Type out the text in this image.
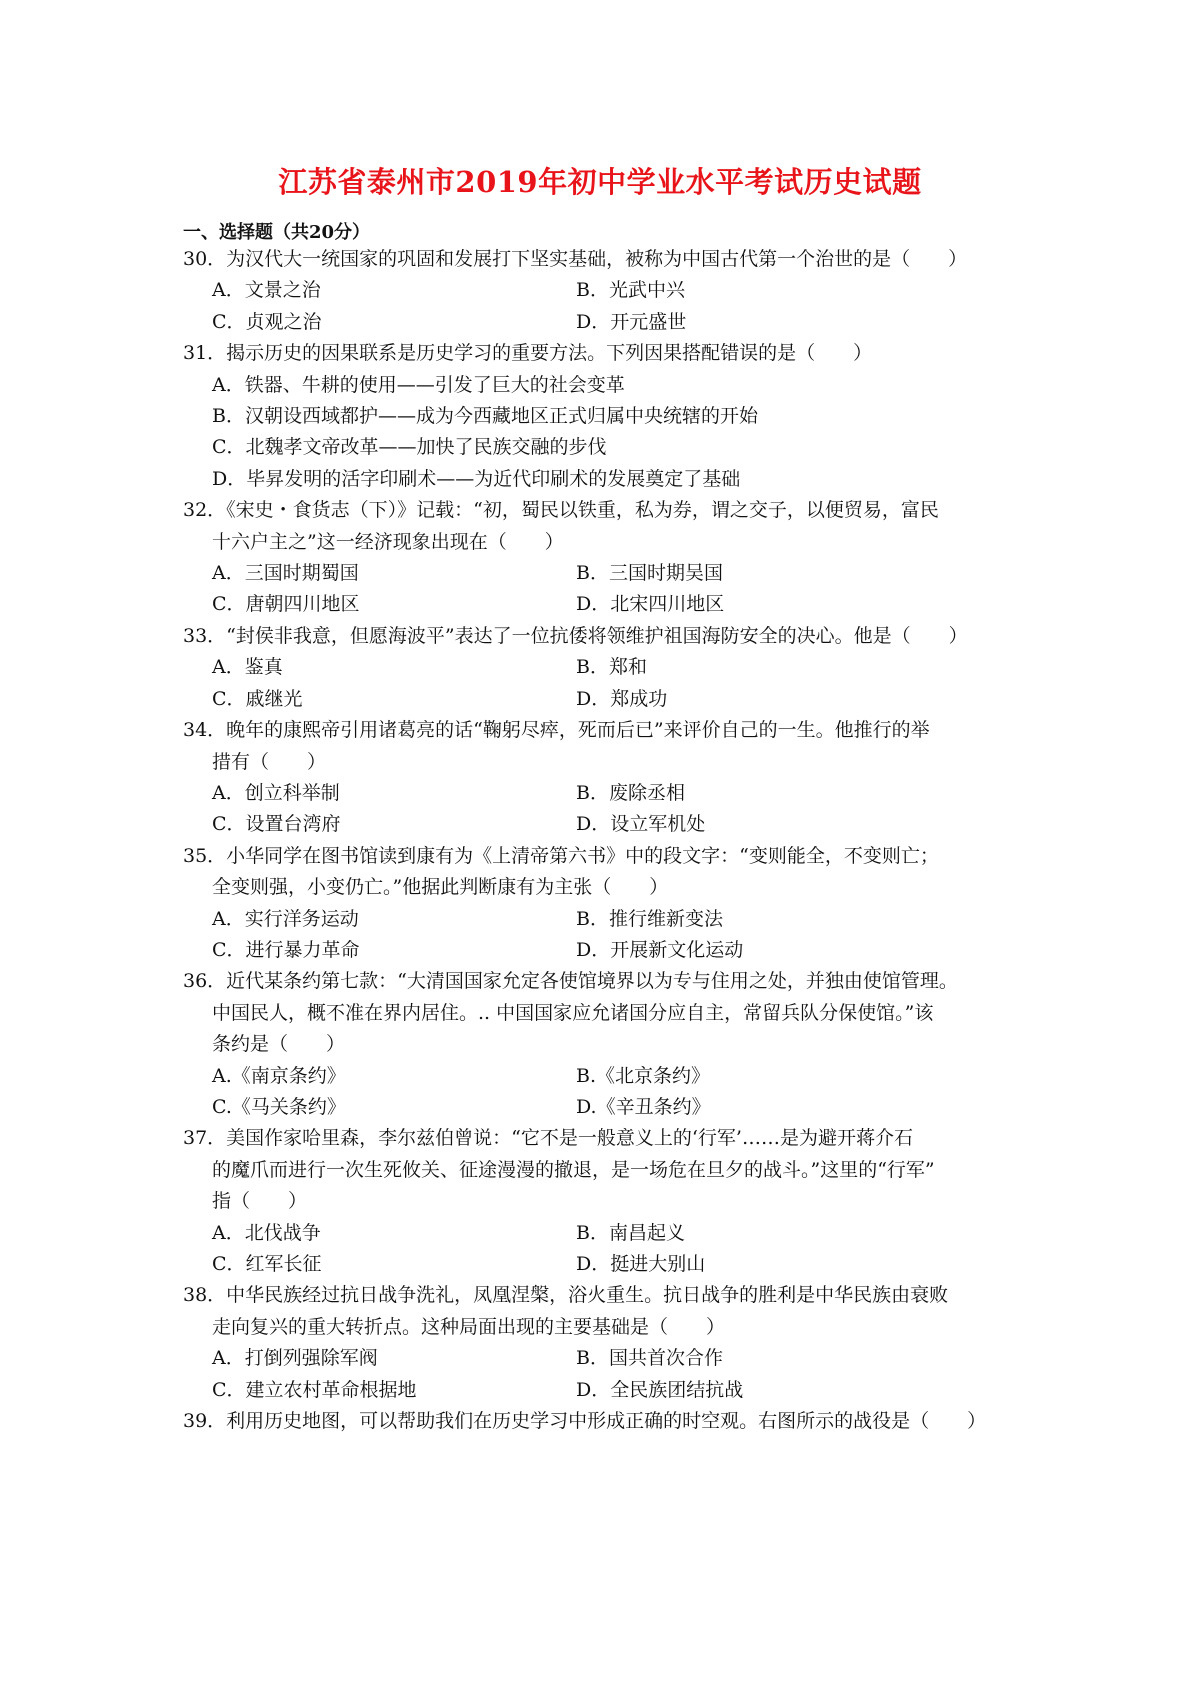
江苏省泰州市2019年初中学业水平考试历史试题
一、选择题（共20分）
30．为汉代大一统国家的巩固和发展打下坚实基础，被称为中国古代第一个治世的是（　　）
A．文景之治	B．光武中兴
C．贞观之治	D．开元盛世
31．揭示历史的因果联系是历史学习的重要方法。下列因果搭配错误的是（　　）
A．铁器、牛耕的使用——引发了巨大的社会变革
B．汉朝设西域都护——成为今西藏地区正式归属中央统辖的开始
C．北魏孝文帝改革——加快了民族交融的步伐
D．毕昇发明的活字印刷术——为近代印刷术的发展奠定了基础
32．《宋史・食货志（下）》记载：“初，蜀民以铁重，私为券，谓之交子，以便贸易，富民
十六户主之”这一经济现象出现在（　　）
A．三国时期蜀国	B．三国时期吴国
C．唐朝四川地区	D．北宋四川地区
33．“封侯非我意，但愿海波平”表达了一位抗倭将领维护祖国海防安全的决心。他是（　　）
A．鉴真	B．郑和
C．戚继光	D．郑成功
34．晚年的康熙帝引用诸葛亮的话“鞠躬尽瘁，死而后已”来评价自己的一生。他推行的举
措有（　　）
A．创立科举制	B．废除丞相
C．设置台湾府	D．设立军机处
35．小华同学在图书馆读到康有为《上清帝第六书》中的段文字：“变则能全，不变则亡；
全变则强，小变仍亡。”他据此判断康有为主张（　　）
A．实行洋务运动	B．推行维新变法
C．进行暴力革命	D．开展新文化运动
36．近代某条约第七款：“大清国国家允定各使馆境界以为专与住用之处，并独由使馆管理。
中国民人，概不准在界内居住。.. 中国国家应允诸国分应自主，常留兵队分保使馆。”该
条约是（　　）
A.《南京条约》	B.《北京条约》
C.《马关条约》	D.《辛丑条约》
37．美国作家哈里森，李尔兹伯曾说：“它不是一般意义上的‘行军’……是为避开蒋介石
的魔爪而进行一次生死攸关、征途漫漫的撤退，是一场危在旦夕的战斗。”这里的“行军”
指（　　）
A．北伐战争	B．南昌起义
C．红军长征	D．挺进大别山
38．中华民族经过抗日战争洗礼，凤凰涅槃，浴火重生。抗日战争的胜利是中华民族由衰败
走向复兴的重大转折点。这种局面出现的主要基础是（　　）
A．打倒列强除军阀	B．国共首次合作
C．建立农村革命根据地	D．全民族团结抗战
39．利用历史地图，可以帮助我们在历史学习中形成正确的时空观。右图所示的战役是（　　）
